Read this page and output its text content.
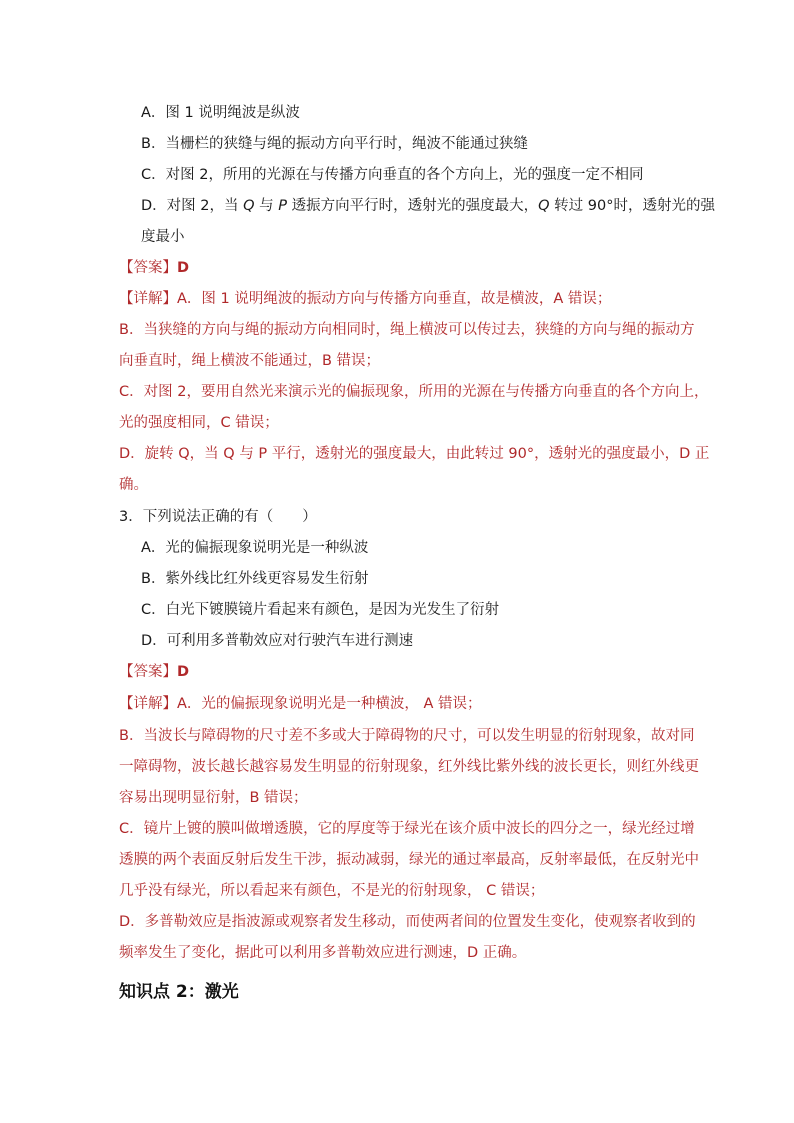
A．图 1 说明绳波是纵波
B．当栅栏的狭缝与绳的振动方向平行时，绳波不能通过狭缝
C．对图 2，所用的光源在与传播方向垂直的各个方向上，光的强度一定不相同
D．对图 2，当 Q 与 P 透振方向平行时，透射光的强度最大，Q 转过 90°时，透射光的强
度最小
【答案】D
【详解】A．图 1 说明绳波的振动方向与传播方向垂直，故是横波，A 错误；
B．当狭缝的方向与绳的振动方向相同时，绳上横波可以传过去，狭缝的方向与绳的振动方
向垂直时，绳上横波不能通过，B 错误；
C．对图 2，要用自然光来演示光的偏振现象，所用的光源在与传播方向垂直的各个方向上，
光的强度相同，C 错误；
D．旋转 Q，当 Q 与 P 平行，透射光的强度最大，由此转过 90°，透射光的强度最小，D 正
确。
3．下列说法正确的有（　　）
A．光的偏振现象说明光是一种纵波
B．紫外线比红外线更容易发生衍射
C．白光下镀膜镜片看起来有颜色，是因为光发生了衍射
D．可利用多普勒效应对行驶汽车进行测速
【答案】D
【详解】A．光的偏振现象说明光是一种横波， A 错误；
B．当波长与障碍物的尺寸差不多或大于障碍物的尺寸，可以发生明显的衍射现象，故对同
一障碍物，波长越长越容易发生明显的衍射现象，红外线比紫外线的波长更长，则红外线更
容易出现明显衍射，B 错误；
C．镜片上镀的膜叫做增透膜，它的厚度等于绿光在该介质中波长的四分之一，绿光经过增
透膜的两个表面反射后发生干涉，振动减弱，绿光的通过率最高，反射率最低，在反射光中
几乎没有绿光，所以看起来有颜色，不是光的衍射现象， C 错误；
D．多普勒效应是指波源或观察者发生移动，而使两者间的位置发生变化，使观察者收到的
频率发生了变化，据此可以利用多普勒效应进行测速，D 正确。
知识点 2：激光
